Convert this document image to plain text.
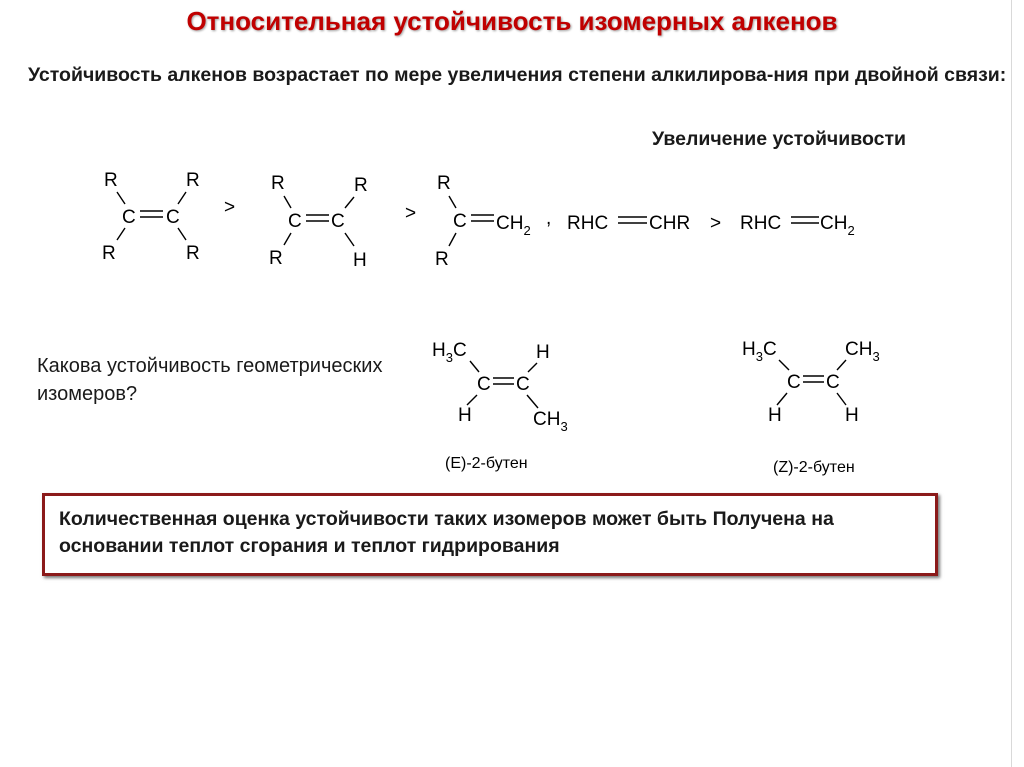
Относительная устойчивость изомерных алкенов
Устойчивость алкенов возрастает по мере увеличения степени алкилирова-ния при двойной связи:
Увеличение устойчивости
R	R
C C
R	R
>
R	R
C C
R	H
>
R
C
R
$CH_2$
, RHC CHR > RHC $CH_2$
$H_3C$	H
C C
H	$CH_3$
$H_3C$	$CH_3$
C C
H	H
Какова устойчивость геометрических изомеров?
(E)-2-бутен	(Z)-2-бутен
Количественная оценка устойчивости таких изомеров может быть Получена на основании теплот сгорания и теплот гидрирования
